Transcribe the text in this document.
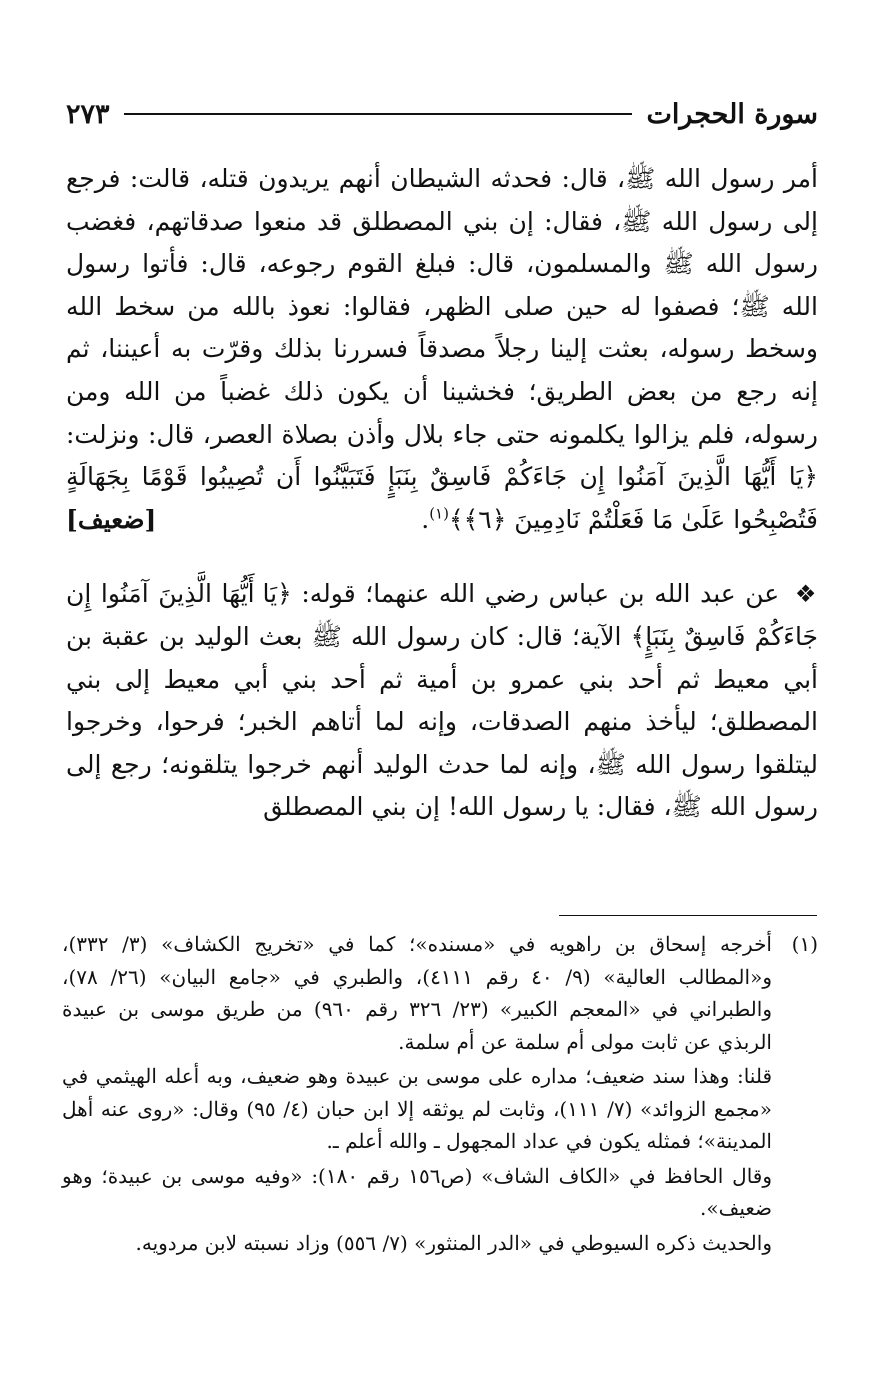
سورة الحجرات
٢٧٣

أمر رسول الله ﷺ، قال: فحدثه الشيطان أنهم يريدون قتله، قالت: فرجع إلى رسول الله ﷺ، فقال: إن بني المصطلق قد منعوا صدقاتهم، فغضب رسول الله ﷺ والمسلمون، قال: فبلغ القوم رجوعه، قال: فأتوا رسول الله ﷺ؛ فصفوا له حين صلى الظهر، فقالوا: نعوذ بالله من سخط الله وسخط رسوله، بعثت إلينا رجلاً مصدقاً فسررنا بذلك وقرّت به أعيننا، ثم إنه رجع من بعض الطريق؛ فخشينا أن يكون ذلك غضباً من الله ومن رسوله، فلم يزالوا يكلمونه حتى جاء بلال وأذن بصلاة العصر، قال: ونزلت: ﴿يَا أَيُّهَا الَّذِينَ آمَنُوا إِن جَاءَكُمْ فَاسِقٌ بِنَبَإٍ فَتَبَيَّنُوا أَن تُصِيبُوا قَوْمًا بِجَهَالَةٍ فَتُصْبِحُوا عَلَىٰ مَا فَعَلْتُمْ نَادِمِينَ ﴿٦﴾﴾$^{(١)}$.
[ضعيف]

❖ عن عبد الله بن عباس رضي الله عنهما؛ قوله: ﴿يَا أَيُّهَا الَّذِينَ آمَنُوا إِن جَاءَكُمْ فَاسِقٌ بِنَبَإٍ﴾ الآية؛ قال: كان رسول الله ﷺ بعث الوليد بن عقبة بن أبي معيط ثم أحد بني عمرو بن أمية ثم أحد بني أبي معيط إلى بني المصطلق؛ ليأخذ منهم الصدقات، وإنه لما أتاهم الخبر؛ فرحوا، وخرجوا ليتلقوا رسول الله ﷺ، وإنه لما حدث الوليد أنهم خرجوا يتلقونه؛ رجع إلى رسول الله ﷺ، فقال: يا رسول الله! إن بني المصطلق

(١)

أخرجه إسحاق بن راهويه في «مسنده»؛ كما في «تخريج الكشاف» (٣/ ٣٣٢)، و«المطالب العالية» (٩/ ٤٠ رقم ٤١١١)، والطبري في «جامع البيان» (٢٦/ ٧٨)، والطبراني في «المعجم الكبير» (٢٣/ ٣٢٦ رقم ٩٦٠) من طريق موسى بن عبيدة الربذي عن ثابت مولى أم سلمة عن أم سلمة.

قلنا: وهذا سند ضعيف؛ مداره على موسى بن عبيدة وهو ضعيف، وبه أعله الهيثمي في «مجمع الزوائد» (٧/ ١١١)، وثابت لم يوثقه إلا ابن حبان (٤/ ٩٥) وقال: «روى عنه أهل المدينة»؛ فمثله يكون في عداد المجهول ـ والله أعلم ـ.

وقال الحافظ في «الكاف الشاف» (ص١٥٦ رقم ١٨٠): «وفيه موسى بن عبيدة؛ وهو ضعيف».

والحديث ذكره السيوطي في «الدر المنثور» (٧/ ٥٥٦) وزاد نسبته لابن مردويه.
